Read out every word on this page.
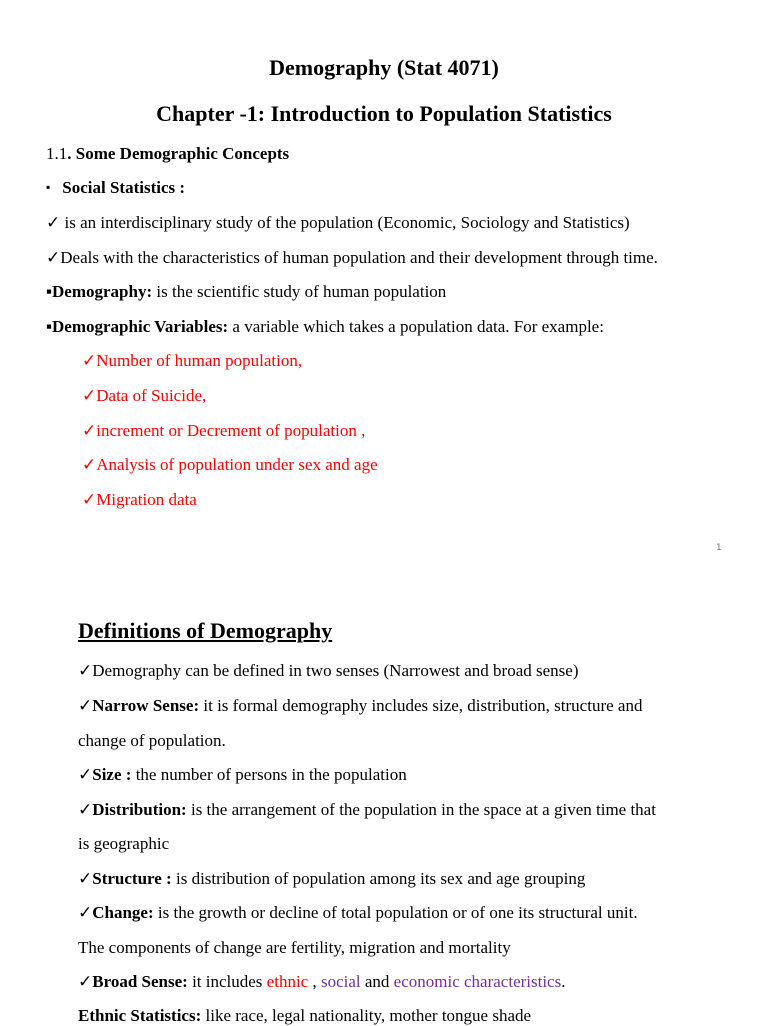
Demography (Stat 4071)
Chapter -1: Introduction to Population Statistics
1.1. Some Demographic Concepts
▪ Social Statistics :
✓ is an interdisciplinary study of the population (Economic, Sociology and Statistics)
✓Deals with the characteristics of human population and their development through time.
▪Demography: is the scientific study of human population
▪Demographic Variables: a variable which takes a population data. For example:
✓Number of human population,
✓Data of Suicide,
✓increment or Decrement of population ,
✓Analysis of population under sex and age
✓Migration data
1
Definitions of Demography
✓Demography can be defined in two senses (Narrowest and broad sense)
✓Narrow Sense: it is formal demography includes size, distribution, structure and
change of population.
✓Size : the number of persons in the population
✓Distribution: is the arrangement of the population in the space at a given time that
is geographic
✓Structure : is distribution of population among its sex and age grouping
✓Change: is the growth or decline of total population or of one its structural unit.
The components of change are fertility, migration and mortality
✓Broad Sense: it includes ethnic , social and economic characteristics.
Ethnic Statistics: like race, legal nationality, mother tongue shade
